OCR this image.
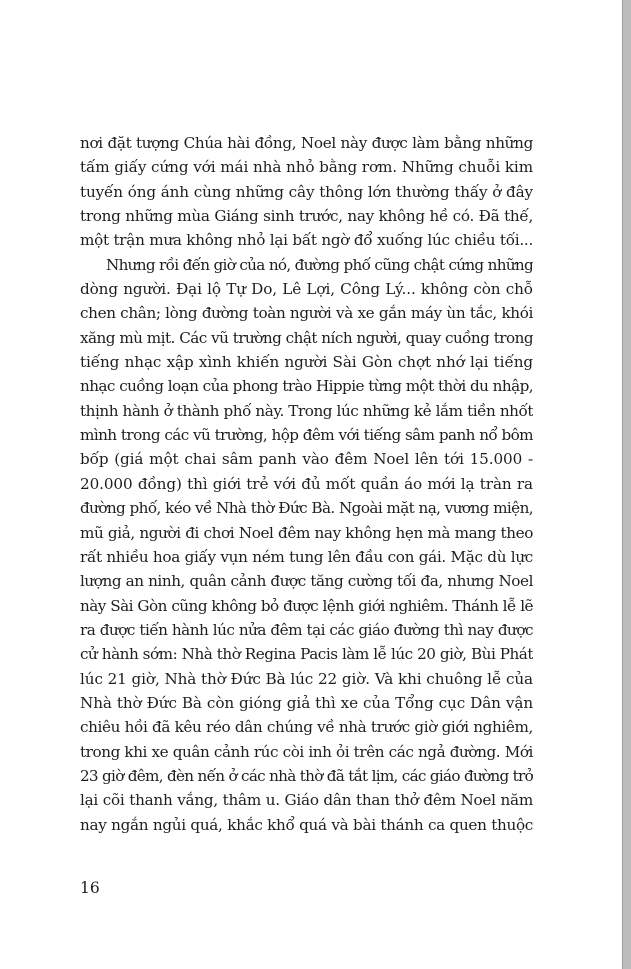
nơi đặt tượng Chúa hài đồng, Noel này được làm bằng những
tấm giấy cứng với mái nhà nhỏ bằng rơm. Những chuỗi kim
tuyến óng ánh cùng những cây thông lớn thường thấy ở đây
trong những mùa Giáng sinh trước, nay không hề có. Đã thế,
một trận mưa không nhỏ lại bất ngờ đổ xuống lúc chiều tối...

Nhưng rồi đến giờ của nó, đường phố cũng chật cứng những
dòng người. Đại lộ Tự Do, Lê Lợi, Công Lý... không còn chỗ
chen chân; lòng đường toàn người và xe gắn máy ùn tắc, khói
xăng mù mịt. Các vũ trường chật ních người, quay cuồng trong
tiếng nhạc xập xình khiến người Sài Gòn chợt nhớ lại tiếng
nhạc cuồng loạn của phong trào Hippie từng một thời du nhập,
thịnh hành ở thành phố này. Trong lúc những kẻ lắm tiền nhốt
mình trong các vũ trường, hộp đêm với tiếng sâm panh nổ bôm
bốp (giá một chai sâm panh vào đêm Noel lên tới 15.000 -
20.000 đồng) thì giới trẻ với đủ mốt quần áo mới lạ tràn ra
đường phố, kéo về Nhà thờ Đức Bà. Ngoài mặt nạ, vương miện,
mũ giả, người đi chơi Noel đêm nay không hẹn mà mang theo
rất nhiều hoa giấy vụn ném tung lên đầu con gái. Mặc dù lực
lượng an ninh, quân cảnh được tăng cường tối đa, nhưng Noel
này Sài Gòn cũng không bỏ được lệnh giới nghiêm. Thánh lễ lẽ
ra được tiến hành lúc nửa đêm tại các giáo đường thì nay được
cử hành sớm: Nhà thờ Regina Pacis làm lễ lúc 20 giờ, Bùi Phát
lúc 21 giờ, Nhà thờ Đức Bà lúc 22 giờ. Và khi chuông lễ của
Nhà thờ Đức Bà còn gióng giả thì xe của Tổng cục Dân vận
chiêu hồi đã kêu réo dân chúng về nhà trước giờ giới nghiêm,
trong khi xe quân cảnh rúc còi inh ỏi trên các ngả đường. Mới
23 giờ đêm, đèn nến ở các nhà thờ đã tắt lịm, các giáo đường trở
lại cõi thanh vắng, thâm u. Giáo dân than thở đêm Noel năm
nay ngắn ngủi quá, khắc khổ quá và bài thánh ca quen thuộc

16
